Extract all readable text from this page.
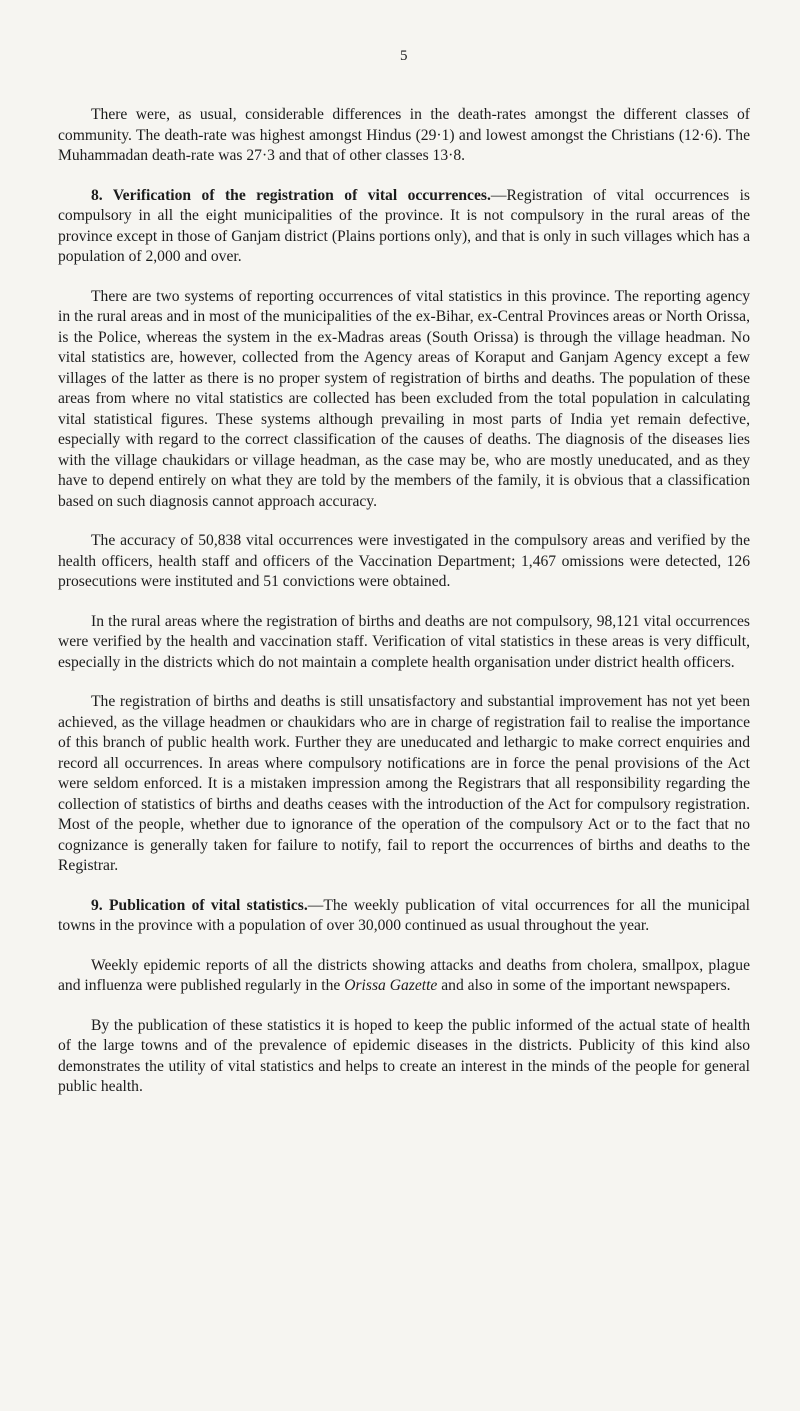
5

There were, as usual, considerable differences in the death-rates amongst the different classes of community. The death-rate was highest amongst Hindus (29·1) and lowest amongst the Christians (12·6). The Muhammadan death-rate was 27·3 and that of other classes 13·8.

8. Verification of the registration of vital occurrences.—Registration of vital occurrences is compulsory in all the eight municipalities of the province. It is not compulsory in the rural areas of the province except in those of Ganjam district (Plains portions only), and that is only in such villages which has a population of 2,000 and over.

There are two systems of reporting occurrences of vital statistics in this province. The reporting agency in the rural areas and in most of the municipalities of the ex-Bihar, ex-Central Provinces areas or North Orissa, is the Police, whereas the system in the ex-Madras areas (South Orissa) is through the village headman. No vital statistics are, however, collected from the Agency areas of Koraput and Ganjam Agency except a few villages of the latter as there is no proper system of registration of births and deaths. The population of these areas from where no vital statistics are collected has been excluded from the total population in calculating vital statistical figures. These systems although prevailing in most parts of India yet remain defective, especially with regard to the correct classification of the causes of deaths. The diagnosis of the diseases lies with the village chaukidars or village headman, as the case may be, who are mostly uneducated, and as they have to depend entirely on what they are told by the members of the family, it is obvious that a classification based on such diagnosis cannot approach accuracy.

The accuracy of 50,838 vital occurrences were investigated in the compulsory areas and verified by the health officers, health staff and officers of the Vaccination Department; 1,467 omissions were detected, 126 prosecutions were instituted and 51 convictions were obtained.

In the rural areas where the registration of births and deaths are not compulsory, 98,121 vital occurrences were verified by the health and vaccination staff. Verification of vital statistics in these areas is very difficult, especially in the districts which do not maintain a complete health organisation under district health officers.

The registration of births and deaths is still unsatisfactory and substantial improvement has not yet been achieved, as the village headmen or chaukidars who are in charge of registration fail to realise the importance of this branch of public health work. Further they are uneducated and lethargic to make correct enquiries and record all occurrences. In areas where compulsory notifications are in force the penal provisions of the Act were seldom enforced. It is a mistaken impression among the Registrars that all responsibility regarding the collection of statistics of births and deaths ceases with the introduction of the Act for compulsory registration. Most of the people, whether due to ignorance of the operation of the compulsory Act or to the fact that no cognizance is generally taken for failure to notify, fail to report the occurrences of births and deaths to the Registrar.

9. Publication of vital statistics.—The weekly publication of vital occurrences for all the municipal towns in the province with a population of over 30,000 continued as usual throughout the year.

Weekly epidemic reports of all the districts showing attacks and deaths from cholera, smallpox, plague and influenza were published regularly in the Orissa Gazette and also in some of the important newspapers.

By the publication of these statistics it is hoped to keep the public informed of the actual state of health of the large towns and of the prevalence of epidemic diseases in the districts. Publicity of this kind also demonstrates the utility of vital statistics and helps to create an interest in the minds of the people for general public health.
